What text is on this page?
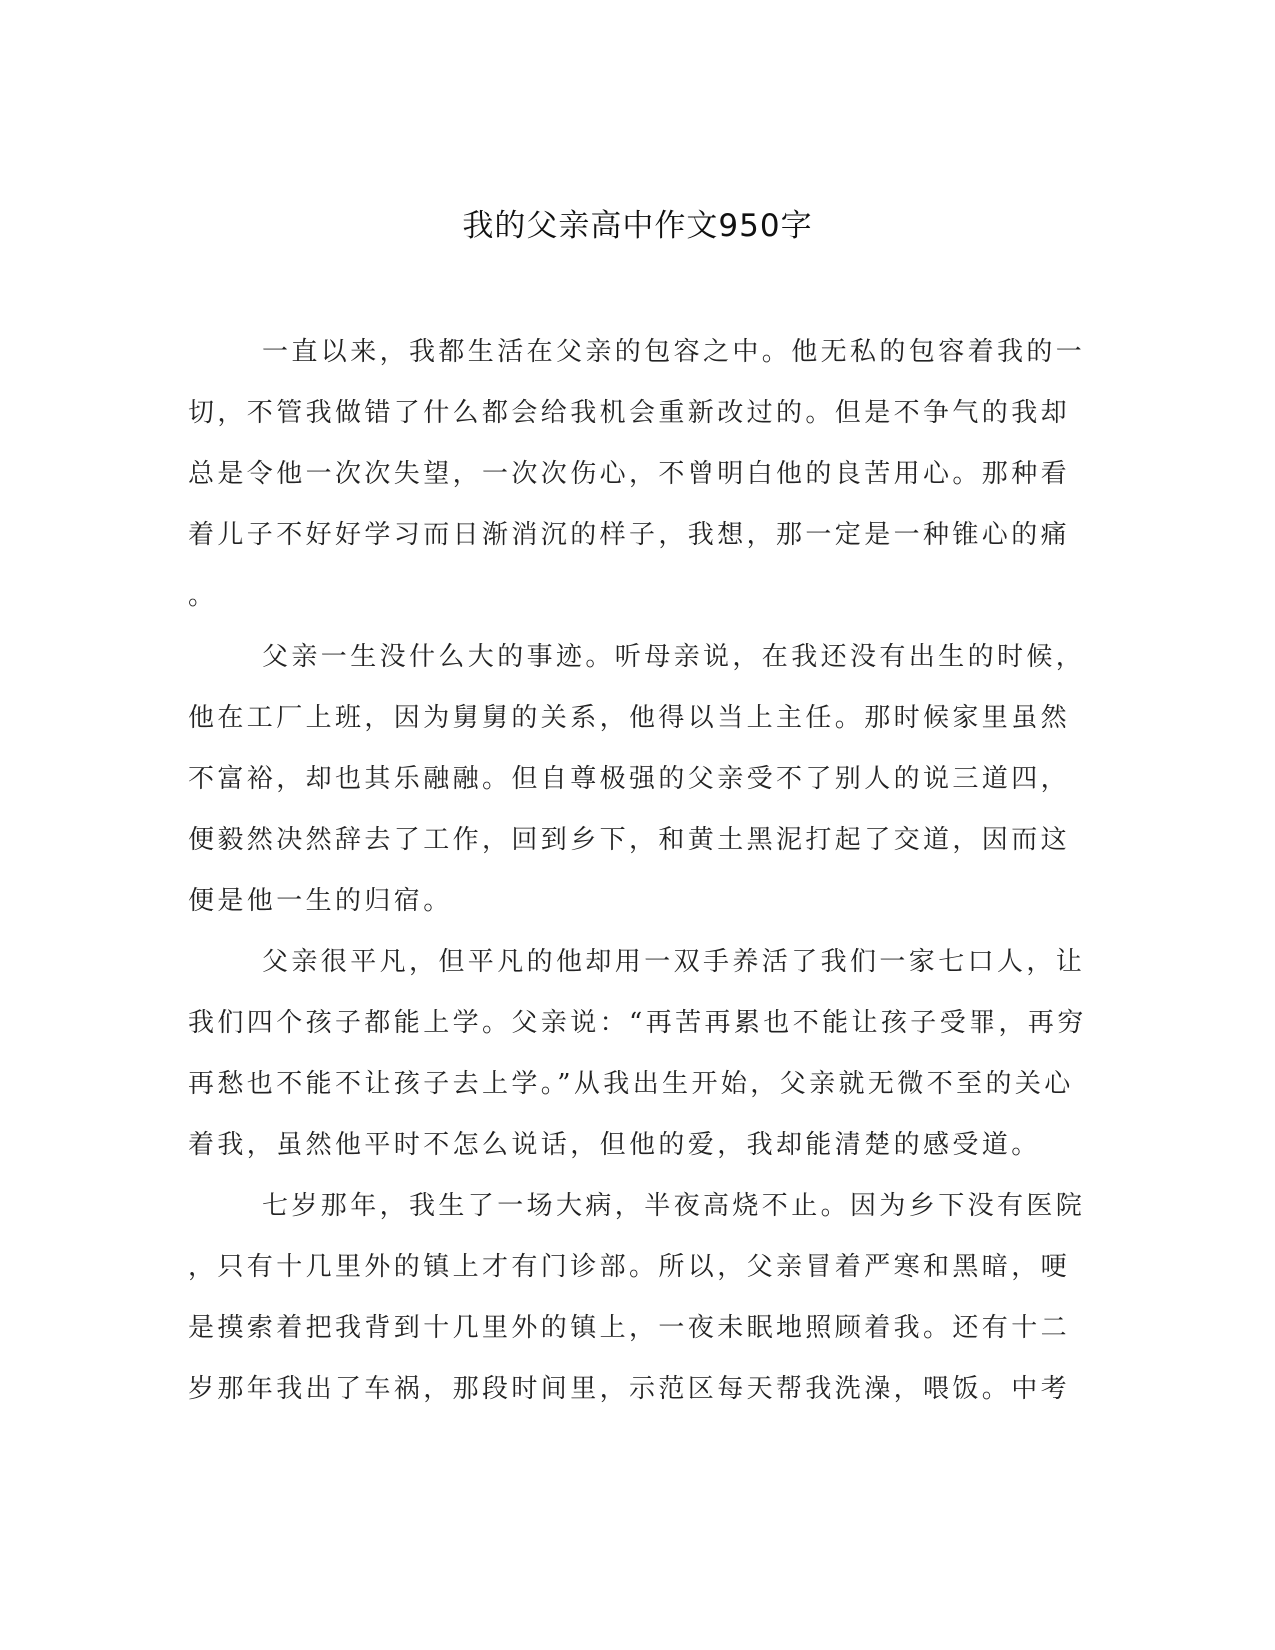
我的父亲高中作文950字
一直以来，我都生活在父亲的包容之中。他无私的包容着我的一
切，不管我做错了什么都会给我机会重新改过的。但是不争气的我却
总是令他一次次失望，一次次伤心，不曾明白他的良苦用心。那种看
着儿子不好好学习而日渐消沉的样子，我想，那一定是一种锥心的痛
。
父亲一生没什么大的事迹。听母亲说，在我还没有出生的时候，
他在工厂上班，因为舅舅的关系，他得以当上主任。那时候家里虽然
不富裕，却也其乐融融。但自尊极强的父亲受不了别人的说三道四，
便毅然决然辞去了工作，回到乡下，和黄土黑泥打起了交道，因而这
便是他一生的归宿。
父亲很平凡，但平凡的他却用一双手养活了我们一家七口人，让
我们四个孩子都能上学。父亲说：“再苦再累也不能让孩子受罪，再穷
再愁也不能不让孩子去上学。”从我出生开始，父亲就无微不至的关心
着我，虽然他平时不怎么说话，但他的爱，我却能清楚的感受道。
七岁那年，我生了一场大病，半夜高烧不止。因为乡下没有医院
，只有十几里外的镇上才有门诊部。所以，父亲冒着严寒和黑暗，哽
是摸索着把我背到十几里外的镇上，一夜未眠地照顾着我。还有十二
岁那年我出了车祸，那段时间里，示范区每天帮我洗澡，喂饭。中考
